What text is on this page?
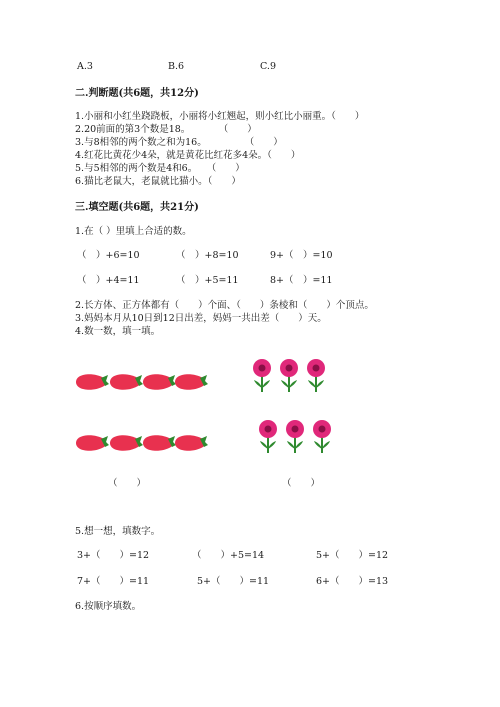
A.3	B.6	C.9
二.判断题(共6题，共12分)
1.小丽和小红坐跷跷板，小丽将小红翘起，则小红比小丽重。（　　）
2.20前面的第3个数是18。　　　　（　　）
3.与8相邻的两个数之和为16。　　　　　（　　）
4.红花比黄花少4朵，就是黄花比红花多4朵。（　　）
5.与5相邻的两个数是4和6。　　（　　）
6.猫比老鼠大，老鼠就比猫小。（　　）
三.填空题(共6题，共21分)
1.在（ ）里填上合适的数。
（　）+6=10	（　）+8=10	9+（　）=10
（　）+4=11	（　）+5=11	8+（　）=11
2.长方体、正方体都有（　　）个面、（　　）条棱和（　　）个顶点。
3.妈妈本月从10日到12日出差，妈妈一共出差（　　）天。
4.数一数，填一填。
（　　）	（　　）
5.想一想，填数字。
3+（　　）=12	（　　）+5=14	5+（　　）=12
7+（　　）=11	5+（　　）=11	6+（　　）=13
6.按顺序填数。
